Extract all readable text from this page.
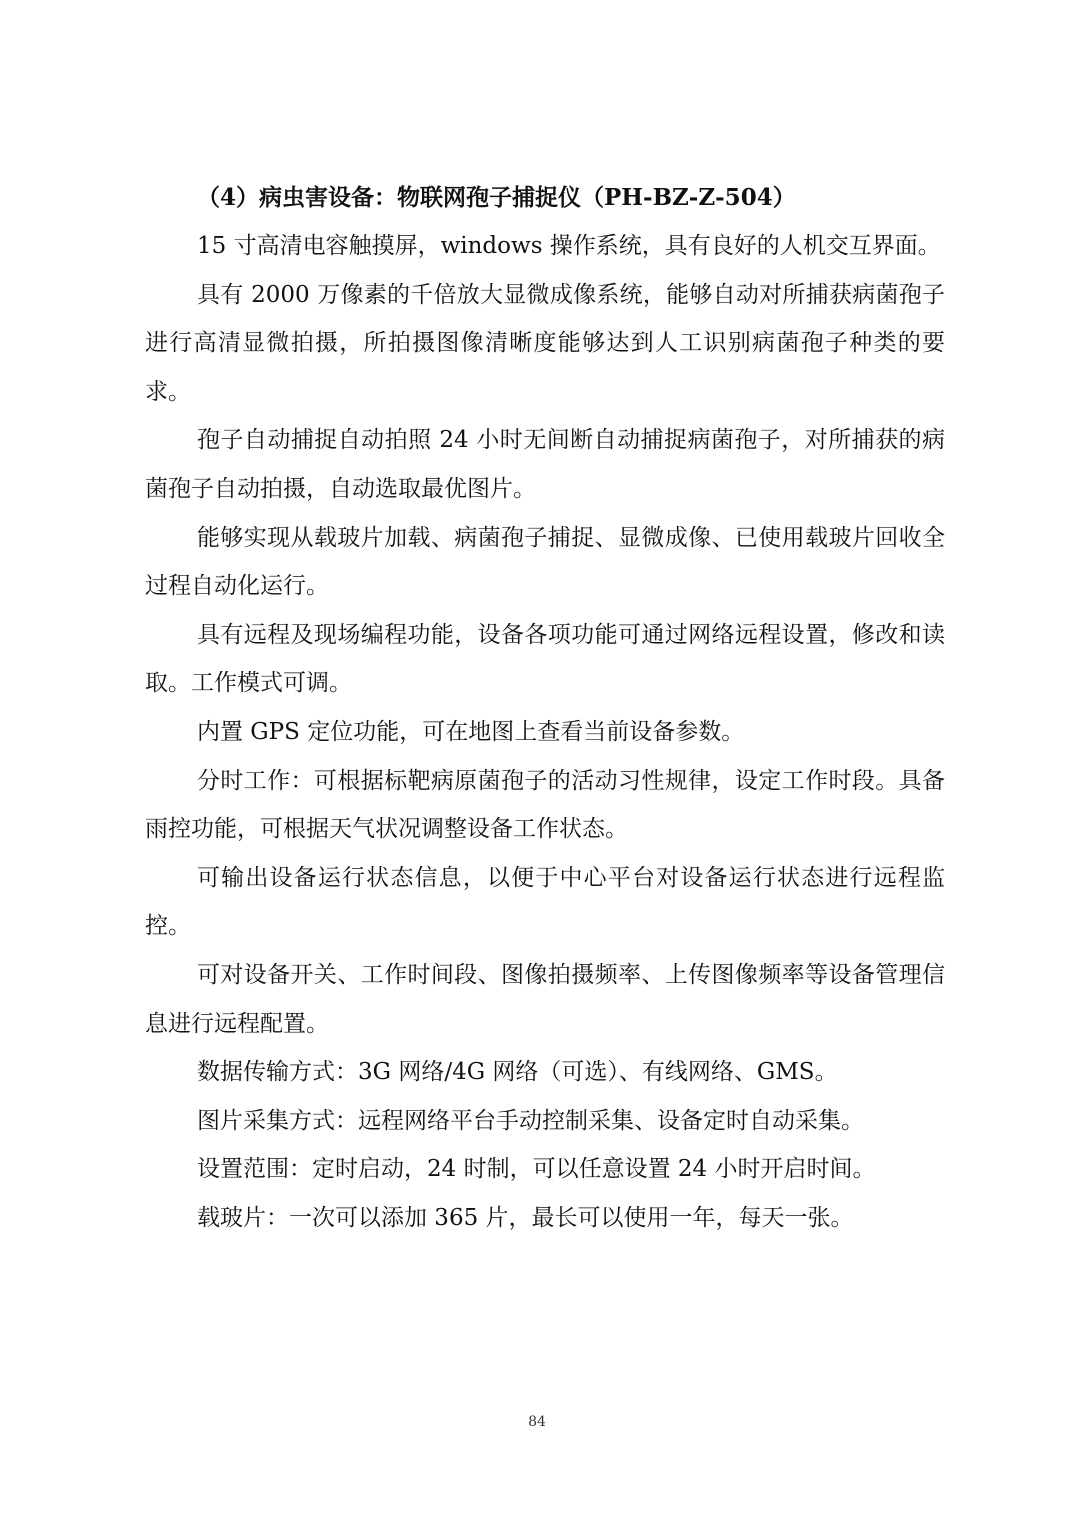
（4）病虫害设备：物联网孢子捕捉仪（PH-BZ-Z-504）

15 寸高清电容触摸屏，windows 操作系统，具有良好的人机交互界面。

具有 2000 万像素的千倍放大显微成像系统，能够自动对所捕获病菌孢子进行高清显微拍摄，所拍摄图像清晰度能够达到人工识别病菌孢子种类的要求。

孢子自动捕捉自动拍照 24 小时无间断自动捕捉病菌孢子，对所捕获的病菌孢子自动拍摄，自动选取最优图片。

能够实现从载玻片加载、病菌孢子捕捉、显微成像、已使用载玻片回收全过程自动化运行。

具有远程及现场编程功能，设备各项功能可通过网络远程设置，修改和读取。工作模式可调。

内置 GPS 定位功能，可在地图上查看当前设备参数。

分时工作：可根据标靶病原菌孢子的活动习性规律，设定工作时段。具备雨控功能，可根据天气状况调整设备工作状态。

可输出设备运行状态信息，以便于中心平台对设备运行状态进行远程监控。

可对设备开关、工作时间段、图像拍摄频率、上传图像频率等设备管理信息进行远程配置。

数据传输方式：3G 网络/4G 网络（可选）、有线网络、GMS。

图片采集方式：远程网络平台手动控制采集、设备定时自动采集。

设置范围：定时启动，24 时制，可以任意设置 24 小时开启时间。

载玻片：一次可以添加 365 片，最长可以使用一年，每天一张。

84
